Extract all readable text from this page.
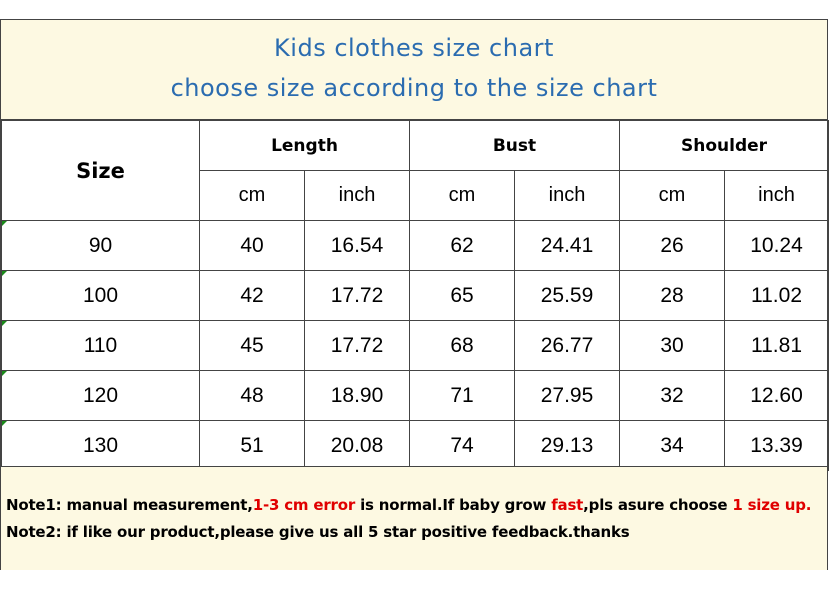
Kids clothes size chart
choose size according to the size chart
Size	Length		Bust		Shoulder	
	cm	inch	cm	inch	cm	inch
90	40	16.54	62	24.41	26	10.24
100	42	17.72	65	25.59	28	11.02
110	45	17.72	68	26.77	30	11.81
120	48	18.90	71	27.95	32	12.60
130	51	20.08	74	29.13	34	13.39
Note1: manual measurement,1-3 cm error is normal.If baby grow fast,pls asure choose 1 size up.
Note2: if like our product,please give us all 5 star positive feedback.thanks
